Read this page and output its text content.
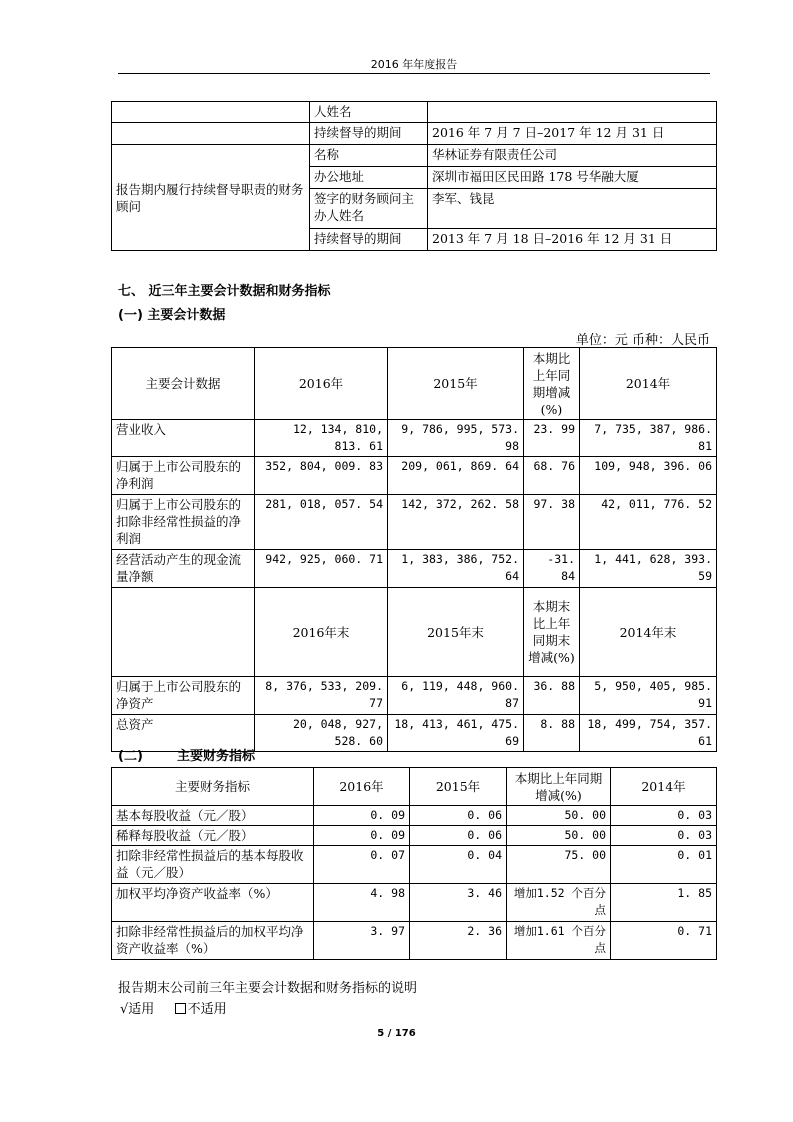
2016 年年度报告
	人姓名	
	持续督导的期间	2016 年 7 月 7 日–2017 年 12 月 31 日
报告期内履行持续督导职责的财务顾问	名称	华林证券有限责任公司
	办公地址	深圳市福田区民田路 178 号华融大厦
	签字的财务顾问主办人姓名	李军、钱昆
	持续督导的期间	2013 年 7 月 18 日–2016 年 12 月 31 日
七、 近三年主要会计数据和财务指标
(一) 主要会计数据
单位：元 币种：人民币
主要会计数据	2016年	2015年	本期比上年同期增减(%)	2014年
营业收入	12, 134, 810, 813. 61	9, 786, 995, 573. 98	23. 99	7, 735, 387, 986. 81
归属于上市公司股东的净利润	352, 804, 009. 83	209, 061, 869. 64	68. 76	109, 948, 396. 06
归属于上市公司股东的扣除非经常性损益的净利润	281, 018, 057. 54	142, 372, 262. 58	97. 38	42, 011, 776. 52
经营活动产生的现金流量净额	942, 925, 060. 71	1, 383, 386, 752. 64	-31. 84	1, 441, 628, 393. 59
	2016年末	2015年末	本期末比上年同期末增减(%)	2014年末
归属于上市公司股东的净资产	8, 376, 533, 209. 77	6, 119, 448, 960. 87	36. 88	5, 950, 405, 985. 91
总资产	20, 048, 927, 528. 60	18, 413, 461, 475. 69	8. 88	18, 499, 754, 357. 61
(二)	主要财务指标
主要财务指标	2016年	2015年	本期比上年同期增减(%)	2014年
基本每股收益（元／股）	0. 09	0. 06	50. 00	0. 03
稀释每股收益（元／股）	0. 09	0. 06	50. 00	0. 03
扣除非经常性损益后的基本每股收益（元／股）	0. 07	0. 04	75. 00	0. 01
加权平均净资产收益率（%）	4. 98	3. 46	增加1.52 个百分点	1. 85
扣除非经常性损益后的加权平均净资产收益率（%）	3. 97	2. 36	增加1.61 个百分点	0. 71
报告期末公司前三年主要会计数据和财务指标的说明
√适用	不适用
5 / 176
